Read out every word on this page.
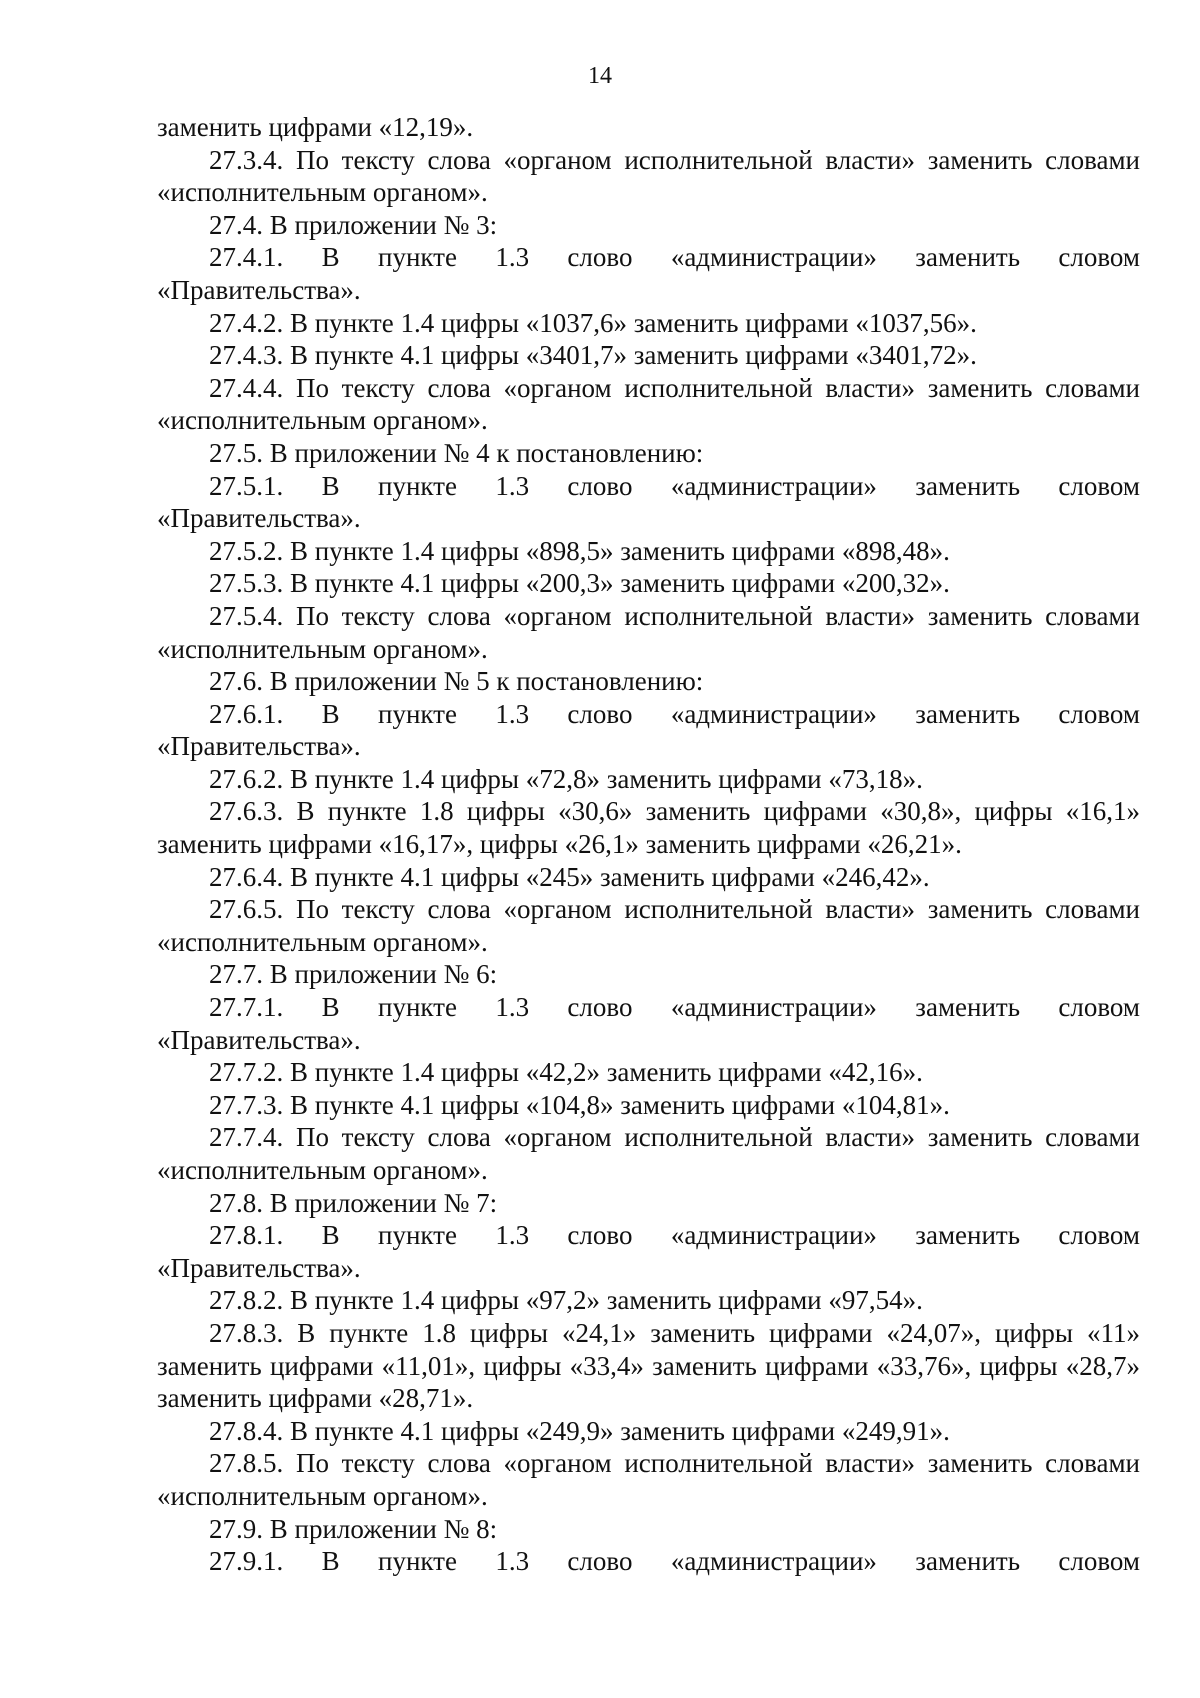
14

заменить цифрами «12,19».

27.3.4. По тексту слова «органом исполнительной власти» заменить словами «исполнительным органом».

27.4. В приложении № 3:

27.4.1. В пункте 1.3 слово «администрации» заменить словом

«Правительства».

27.4.2. В пункте 1.4 цифры «1037,6» заменить цифрами «1037,56».

27.4.3. В пункте 4.1 цифры «3401,7» заменить цифрами «3401,72».

27.4.4. По тексту слова «органом исполнительной власти» заменить словами «исполнительным органом».

27.5. В приложении № 4 к постановлению:

27.5.1. В пункте 1.3 слово «администрации» заменить словом

«Правительства».

27.5.2. В пункте 1.4 цифры «898,5» заменить цифрами «898,48».

27.5.3. В пункте 4.1 цифры «200,3» заменить цифрами «200,32».

27.5.4. По тексту слова «органом исполнительной власти» заменить словами «исполнительным органом».

27.6. В приложении № 5 к постановлению:

27.6.1. В пункте 1.3 слово «администрации» заменить словом

«Правительства».

27.6.2. В пункте 1.4 цифры «72,8» заменить цифрами «73,18».

27.6.3. В пункте 1.8 цифры «30,6» заменить цифрами «30,8», цифры «16,1» заменить цифрами «16,17», цифры «26,1» заменить цифрами «26,21».

27.6.4. В пункте 4.1 цифры «245» заменить цифрами «246,42».

27.6.5. По тексту слова «органом исполнительной власти» заменить словами «исполнительным органом».

27.7. В приложении № 6:

27.7.1. В пункте 1.3 слово «администрации» заменить словом

«Правительства».

27.7.2. В пункте 1.4 цифры «42,2» заменить цифрами «42,16».

27.7.3. В пункте 4.1 цифры «104,8» заменить цифрами «104,81».

27.7.4. По тексту слова «органом исполнительной власти» заменить словами «исполнительным органом».

27.8. В приложении № 7:

27.8.1. В пункте 1.3 слово «администрации» заменить словом

«Правительства».

27.8.2. В пункте 1.4 цифры «97,2» заменить цифрами «97,54».

27.8.3. В пункте 1.8 цифры «24,1» заменить цифрами «24,07», цифры «11» заменить цифрами «11,01», цифры «33,4» заменить цифрами «33,76», цифры «28,7» заменить цифрами «28,71».

27.8.4. В пункте 4.1 цифры «249,9» заменить цифрами «249,91».

27.8.5. По тексту слова «органом исполнительной власти» заменить словами «исполнительным органом».

27.9. В приложении № 8:

27.9.1. В пункте 1.3 слово «администрации» заменить словом
